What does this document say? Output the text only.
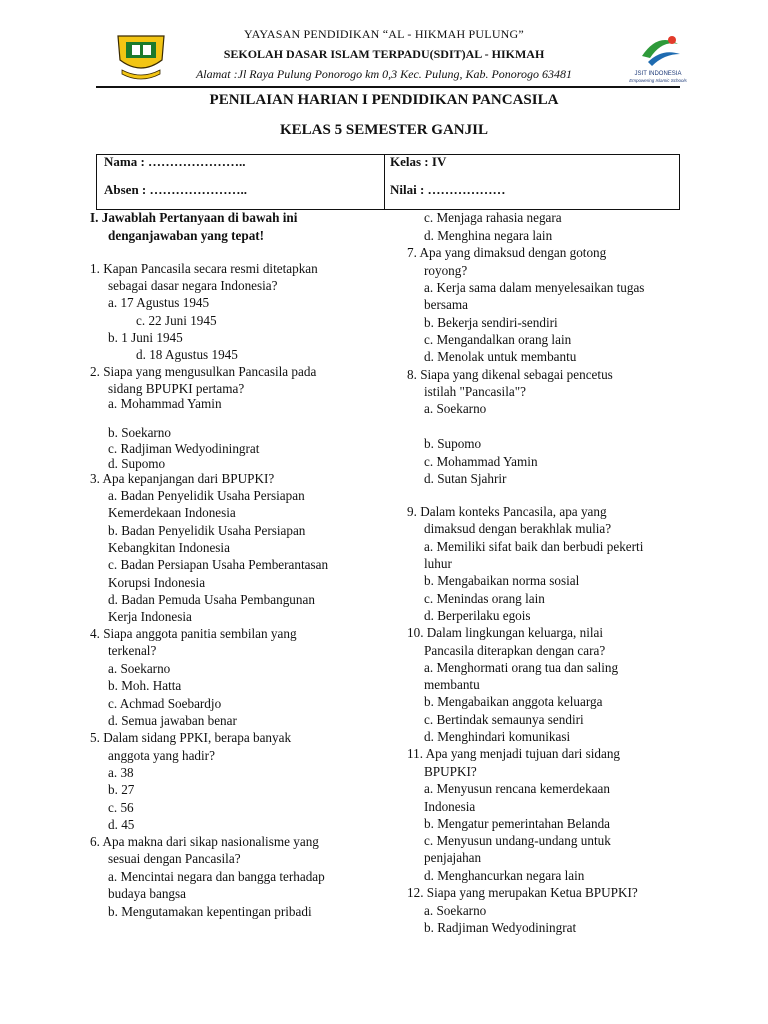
JSIT INDONESIA
Empowering Islamic Schools
YAYASAN PENDIDIKAN “AL - HIKMAH PULUNG”
SEKOLAH DASAR ISLAM TERPADU(SDIT)AL - HIKMAH
Alamat :Jl Raya Pulung Ponorogo km 0,3 Kec. Pulung, Kab. Ponorogo 63481
PENILAIAN HARIAN I PENDIDIKAN PANCASILA
KELAS 5 SEMESTER GANJIL
Nama : …………………..
Absen : …………………..
Kelas : IV
Nilai : ………………
I. Jawablah Pertanyaan di bawah ini
denganjawaban yang tepat!
1. Kapan Pancasila secara resmi ditetapkan
sebagai dasar negara Indonesia?
a. 17 Agustus 1945
c. 22 Juni 1945
b. 1 Juni 1945
d. 18 Agustus 1945
2. Siapa yang mengusulkan Pancasila pada
sidang BPUPKI pertama?
a. Mohammad Yamin
b. Soekarno
c. Radjiman Wedyodiningrat
d. Supomo
3. Apa kepanjangan dari BPUPKI?
a. Badan Penyelidik Usaha Persiapan
Kemerdekaan Indonesia
b. Badan Penyelidik Usaha Persiapan
Kebangkitan Indonesia
c. Badan Persiapan Usaha Pemberantasan
Korupsi Indonesia
d. Badan Pemuda Usaha Pembangunan
Kerja Indonesia
4. Siapa anggota panitia sembilan yang
terkenal?
a. Soekarno
b. Moh. Hatta
c. Achmad Soebardjo
d. Semua jawaban benar
5. Dalam sidang PPKI, berapa banyak
anggota yang hadir?
a. 38
b. 27
c. 56
d. 45
6. Apa makna dari sikap nasionalisme yang
sesuai dengan Pancasila?
a. Mencintai negara dan bangga terhadap
budaya bangsa
b. Mengutamakan kepentingan pribadi
c. Menjaga rahasia negara
d. Menghina negara lain
7. Apa yang dimaksud dengan gotong
royong?
a. Kerja sama dalam menyelesaikan tugas
bersama
b. Bekerja sendiri-sendiri
c. Mengandalkan orang lain
d. Menolak untuk membantu
8. Siapa yang dikenal sebagai pencetus
istilah "Pancasila"?
a. Soekarno
b. Supomo
c. Mohammad Yamin
d. Sutan Sjahrir
9. Dalam konteks Pancasila, apa yang
dimaksud dengan berakhlak mulia?
a. Memiliki sifat baik dan berbudi pekerti
luhur
b. Mengabaikan norma sosial
c. Menindas orang lain
d. Berperilaku egois
10. Dalam lingkungan keluarga, nilai
Pancasila diterapkan dengan cara?
a. Menghormati orang tua dan saling
membantu
b. Mengabaikan anggota keluarga
c. Bertindak semaunya sendiri
d. Menghindari komunikasi
11. Apa yang menjadi tujuan dari sidang
BPUPKI?
a. Menyusun rencana kemerdekaan
Indonesia
b. Mengatur pemerintahan Belanda
c. Menyusun undang-undang untuk
penjajahan
d. Menghancurkan negara lain
12. Siapa yang merupakan Ketua BPUPKI?
a. Soekarno
b. Radjiman Wedyodiningrat
